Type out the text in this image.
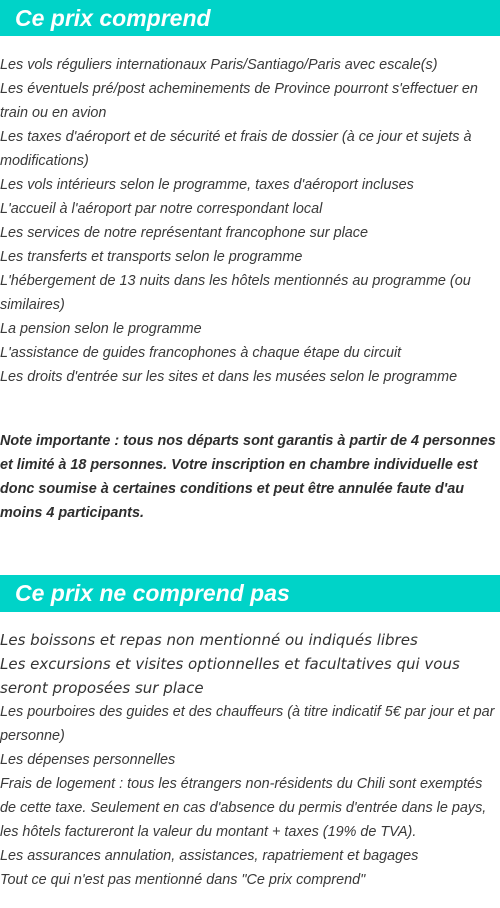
Ce prix comprend
Les vols réguliers internationaux Paris/Santiago/Paris avec escale(s)
Les éventuels pré/post acheminements de Province pourront s'effectuer en train ou en avion
Les taxes d'aéroport et de sécurité et frais de dossier (à ce jour et sujets à modifications)
Les vols intérieurs selon le programme, taxes d'aéroport incluses
L'accueil à l'aéroport par notre correspondant local
Les services de notre représentant francophone sur place
Les transferts et transports selon le programme
L'hébergement de 13 nuits dans les hôtels mentionnés au programme (ou similaires)
La pension selon le programme
L'assistance de guides francophones à chaque étape du circuit
Les droits d'entrée sur les sites et dans les musées selon le programme

Note importante : tous nos départs sont garantis à partir de 4 personnes et limité à 18 personnes. Votre inscription en chambre individuelle est donc soumise à certaines conditions et peut être annulée faute d'au moins 4 participants.

Ce prix ne comprend pas
Les boissons et repas non mentionné ou indiqués libres
Les excursions et visites optionnelles et facultatives qui vous seront proposées sur place
Les pourboires des guides et des chauffeurs (à titre indicatif 5€ par jour et par personne)
Les dépenses personnelles
Frais de logement : tous les étrangers non-résidents du Chili sont exemptés de cette taxe. Seulement en cas d'absence du permis d'entrée dans le pays, les hôtels factureront la valeur du montant + taxes (19% de TVA).
Les assurances annulation, assistances, rapatriement et bagages
Tout ce qui n'est pas mentionné dans "Ce prix comprend"
